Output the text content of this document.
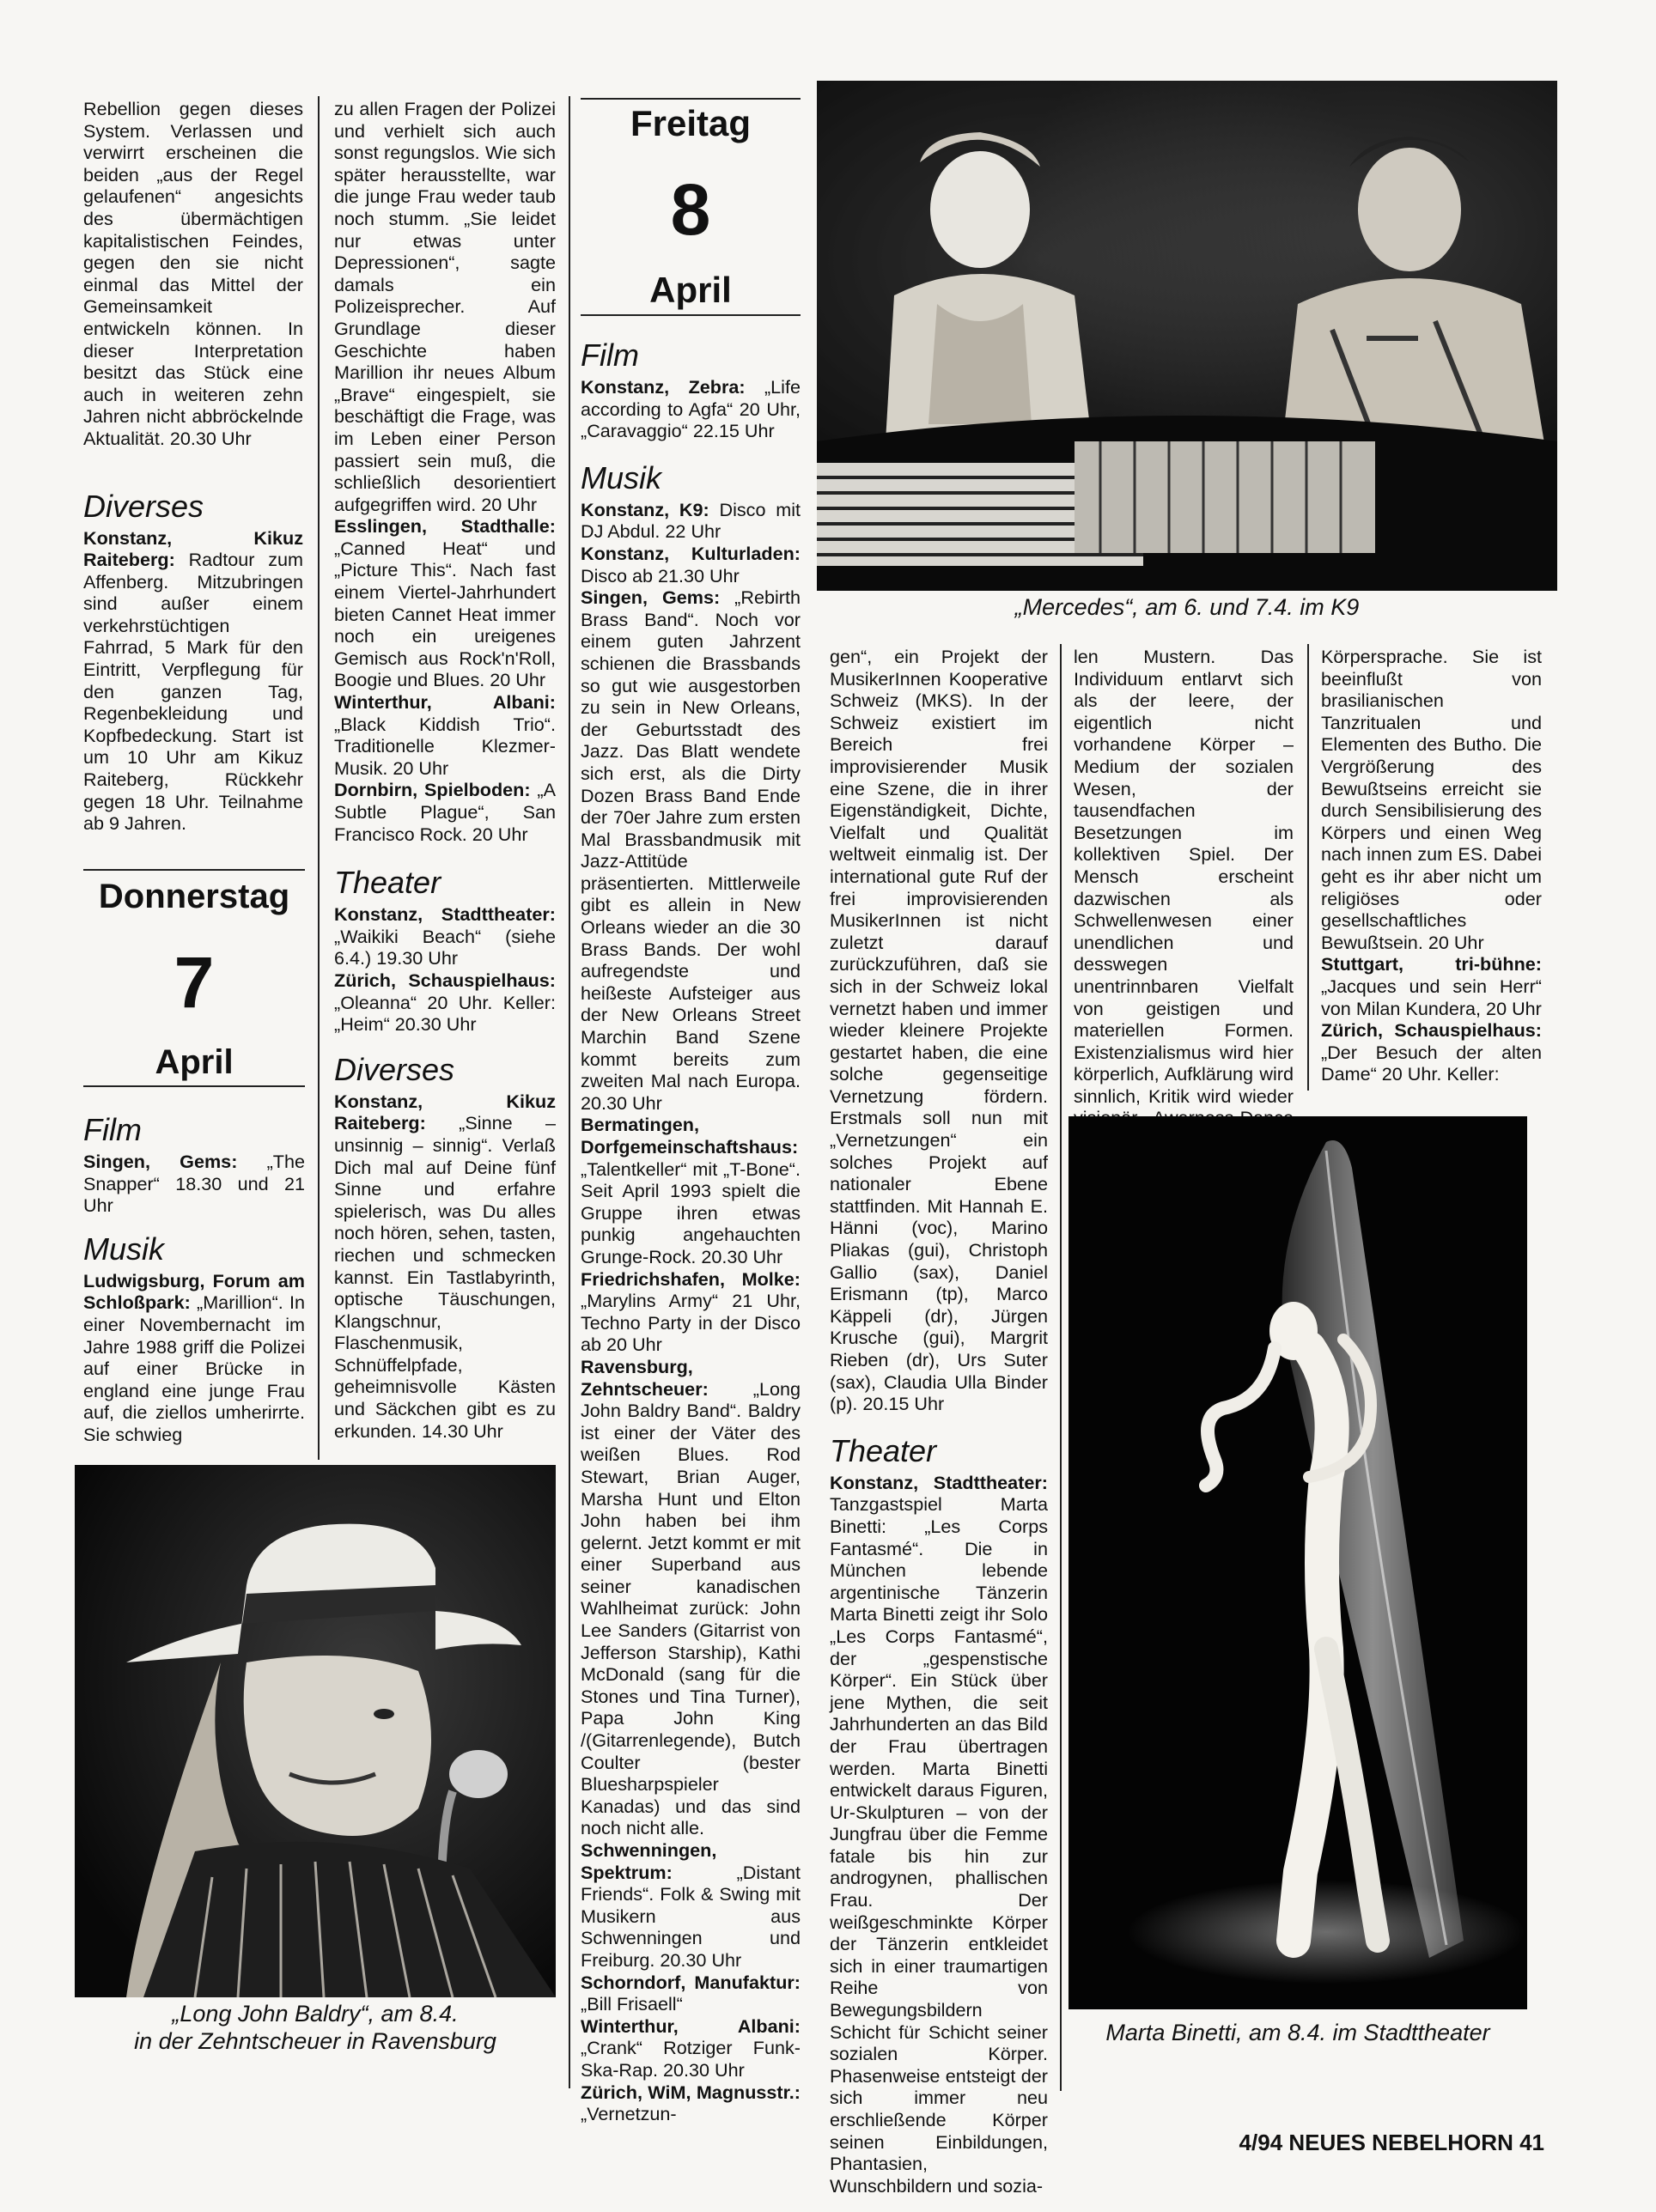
Rebellion gegen dieses System. Verlassen und verwirrt erscheinen die beiden „aus der Regel gelaufenen“ angesichts des übermächtigen kapitalistischen Feindes, gegen den sie nicht einmal das Mittel der Gemeinsamkeit entwickeln können. In dieser Interpretation besitzt das Stück eine auch in weiteren zehn Jahren nicht abbröckelnde Aktualität. 20.30 Uhr

Diverses

Konstanz, Kikuz Raiteberg: Radtour zum Affenberg. Mitzubringen sind außer einem verkehrstüchtigen Fahrrad, 5 Mark für den Eintritt, Verpflegung für den ganzen Tag, Regenbekleidung und Kopfbedeckung. Start ist um 10 Uhr am Kikuz Raiteberg, Rückkehr gegen 18 Uhr. Teilnahme ab 9 Jahren.

Donnerstag
7
April
Film

Singen, Gems: „The Snapper“ 18.30 und 21 Uhr

Musik

Ludwigsburg, Forum am Schloßpark: „Marillion“. In einer Novembernacht im Jahre 1988 griff die Polizei auf einer Brücke in england eine junge Frau auf, die ziellos umherirrte. Sie schwieg

zu allen Fragen der Polizei und verhielt sich auch sonst regungslos. Wie sich später herausstellte, war die junge Frau weder taub noch stumm. „Sie leidet nur etwas unter Depressionen“, sagte damals ein Polizeisprecher. Auf Grundlage dieser Geschichte haben Marillion ihr neues Album „Brave“ eingespielt, sie beschäftigt die Frage, was im Leben einer Person passiert sein muß, die schließlich desorientiert aufgegriffen wird. 20 Uhr

Esslingen, Stadthalle: „Canned Heat“ und „Picture This“. Nach fast einem Viertel-Jahrhundert bieten Cannet Heat immer noch ein ureigenes Gemisch aus Rock'n'Roll, Boogie und Blues. 20 Uhr

Winterthur, Albani: „Black Kiddish Trio“. Traditionelle Klezmer-Musik. 20 Uhr

Dornbirn, Spielboden: „A Subtle Plague“, San Francisco Rock. 20 Uhr

Theater

Konstanz, Stadttheater: „Waikiki Beach“ (siehe 6.4.) 19.30 Uhr

Zürich, Schauspielhaus: „Oleanna“ 20 Uhr. Keller: „Heim“ 20.30 Uhr

Diverses

Konstanz, Kikuz Raiteberg: „Sinne – unsinnig – sinnig“. Verlaß Dich mal auf Deine fünf Sinne und erfahre spielerisch, was Du alles noch hören, sehen, tasten, riechen und schmecken kannst. Ein Tastlabyrinth, optische Täuschungen, Klangschnur, Flaschenmusik, Schnüffelpfade, geheimnisvolle Kästen und Säckchen gibt es zu erkunden. 14.30 Uhr

Freitag
8
April
Film

Konstanz, Zebra: „Life according to Agfa“ 20 Uhr, „Caravaggio“ 22.15 Uhr

Musik

Konstanz, K9: Disco mit DJ Abdul. 22 Uhr

Konstanz, Kulturladen: Disco ab 21.30 Uhr

Singen, Gems: „Rebirth Brass Band“. Noch vor einem guten Jahrzent schienen die Brassbands so gut wie ausgestorben zu sein in New Orleans, der Geburtsstadt des Jazz. Das Blatt wendete sich erst, als die Dirty Dozen Brass Band Ende der 70er Jahre zum ersten Mal Brassbandmusik mit Jazz-Attitüde präsentierten. Mittlerweile gibt es allein in New Orleans wieder an die 30 Brass Bands. Der wohl aufregendste und heißeste Aufsteiger aus der New Orleans Street Marchin Band Szene kommt bereits zum zweiten Mal nach Europa. 20.30 Uhr

Bermatingen, Dorfgemeinschaftshaus: „Talentkeller“ mit „T-Bone“. Seit April 1993 spielt die Gruppe ihren etwas punkig angehauchten Grunge-Rock. 20.30 Uhr

Friedrichshafen, Molke: „Marylins Army“ 21 Uhr, Techno Party in der Disco ab 20 Uhr

Ravensburg, Zehntscheuer: „Long John Baldry Band“. Baldry ist einer der Väter des weißen Blues. Rod Stewart, Brian Auger, Marsha Hunt und Elton John haben bei ihm gelernt. Jetzt kommt er mit einer Superband aus seiner kanadischen Wahlheimat zurück: John Lee Sanders (Gitarrist von Jefferson Starship), Kathi McDonald (sang für die Stones und Tina Turner), Papa John King /(Gitarrenlegende), Butch Coulter (bester Bluesharpspieler Kanadas) und das sind noch nicht alle.

Schwenningen, Spektrum: „Distant Friends“. Folk & Swing mit Musikern aus Schwenningen und Freiburg. 20.30 Uhr

Schorndorf, Manufaktur: „Bill Frisaell“

Winterthur, Albani: „Crank“ Rotziger Funk-Ska-Rap. 20.30 Uhr

Zürich, WiM, Magnusstr.: „Vernetzun-

„Mercedes“, am 6. und 7.4. im K9

gen“, ein Projekt der MusikerInnen Kooperative Schweiz (MKS). In der Schweiz existiert im Bereich frei improvisierender Musik eine Szene, die in ihrer Eigenständigkeit, Dichte, Vielfalt und Qualität weltweit einmalig ist. Der international gute Ruf der frei improvisierenden MusikerInnen ist nicht zuletzt darauf zurückzuführen, daß sie sich in der Schweiz lokal vernetzt haben und immer wieder kleinere Projekte gestartet haben, die eine solche gegenseitige Vernetzung fördern. Erstmals soll nun mit „Vernetzungen“ ein solches Projekt auf nationaler Ebene stattfinden. Mit Hannah E. Hänni (voc), Marino Pliakas (gui), Christoph Gallio (sax), Daniel Erismann (tp), Marco Käppeli (dr), Jürgen Krusche (gui), Margrit Rieben (dr), Urs Suter (sax), Claudia Ulla Binder (p). 20.15 Uhr

Theater

Konstanz, Stadttheater: Tanzgastspiel Marta Binetti: „Les Corps Fantasmé“. Die in München lebende argentinische Tänzerin Marta Binetti zeigt ihr Solo „Les Corps Fantasmé“, der „gespenstische Körper“. Ein Stück über jene Mythen, die seit Jahrhunderten an das Bild der Frau übertragen werden. Marta Binetti entwickelt daraus Figuren, Ur-Skulpturen – von der Jungfrau über die Femme fatale bis hin zur androgynen, phallischen Frau. Der weißgeschminkte Körper der Tänzerin entkleidet sich in einer traumartigen Reihe von Bewegungsbildern Schicht für Schicht seiner sozialen Körper. Phasenweise entsteigt der sich immer neu erschließende Körper seinen Einbildungen, Phantasien, Wunschbildern und sozia-

len Mustern. Das Individuum entlarvt sich als der leere, der eigentlich nicht vorhandene Körper – Medium der sozialen Wesen, der tausendfachen Besetzungen im kollektiven Spiel. Der Mensch erscheint dazwischen als Schwellenwesen einer unendlichen und desswegen unentrinnbaren Vielfalt von geistigen und materiellen Formen. Existenzialismus wird hier körperlich, Aufklärung wird sinnlich, Kritik wird wieder

Körpersprache. Sie ist beeinflußt von brasilianischen Tanzritualen und Elementen des Butho. Die Vergrößerung des Bewußtseins erreicht sie durch Sensibilisierung des Körpers und einen Weg nach innen zum ES. Dabei geht es ihr aber nicht um religiöses oder gesellschaftliches Bewußtsein. 20 Uhr

Stuttgart, tri-bühne: „Jacques und sein Herr“ von Milan Kundera, 20 Uhr

Zürich, Schauspielhaus: „Der Besuch der alten Dame“ 20 Uhr. Keller:

Marta Binetti, am 8.4. im Stadttheater
„Long John Baldry“, am 8.4.
in der Zehntscheuer in Ravensburg
4/94 NEUES NEBELHORN 41
